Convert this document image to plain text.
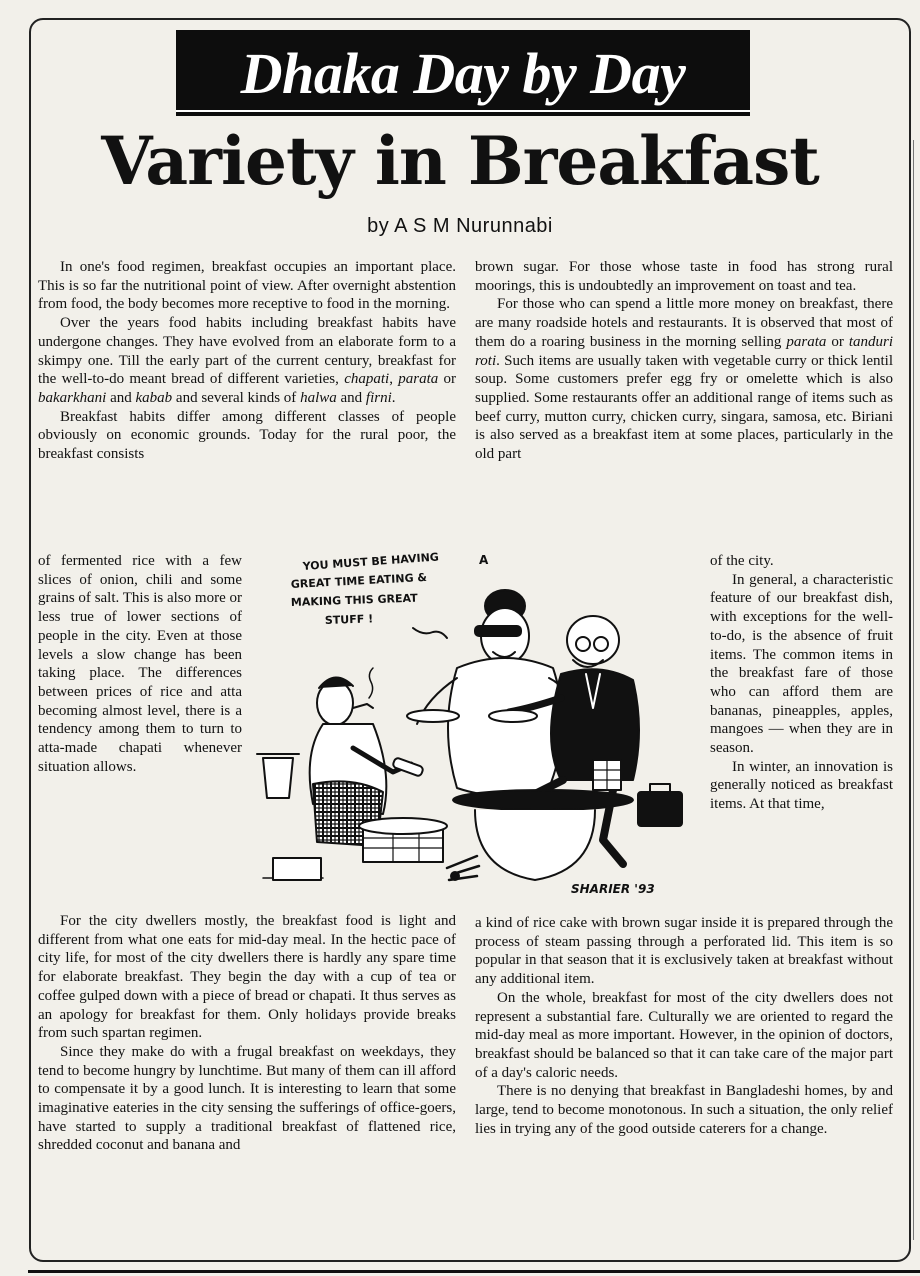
Dhaka Day by Day
Variety in Breakfast
by A S M Nurunnabi

In one's food regimen, breakfast occupies an important place. This is so far the nutritional point of view. After overnight abstention from food, the body becomes more receptive to food in the morning.

Over the years food habits including breakfast habits have undergone changes. They have evolved from an elaborate form to a skimpy one. Till the early part of the current century, breakfast for the well-to-do meant bread of different varieties, chapati, parata or bakarkhani and kabab and several kinds of halwa and firni.

Breakfast habits differ among different classes of people obviously on economic grounds. Today for the rural poor, the breakfast consists

of fermented rice with a few slices of onion, chili and some grains of salt. This is also more or less true of lower sections of people in the city. Even at those levels a slow change has been taking place. The differences between prices of rice and atta becoming almost level, there is a tendency among them to turn to atta-made chapati whenever situation allows.

For the city dwellers mostly, the breakfast food is light and different from what one eats for mid-day meal. In the hectic pace of city life, for most of the city dwellers there is hardly any spare time for elaborate breakfast. They begin the day with a cup of tea or coffee gulped down with a piece of bread or chapati. It thus serves as an apology for breakfast for them. Only holidays provide breaks from such spartan regimen.

Since they make do with a frugal breakfast on weekdays, they tend to become hungry by lunchtime. But many of them can ill afford to compensate it by a good lunch. It is interesting to learn that some imaginative eateries in the city sensing the sufferings of office-goers, have started to supply a traditional breakfast of flattened rice, shredded coconut and banana and

brown sugar. For those whose taste in food has strong rural moorings, this is undoubtedly an improvement on toast and tea.

For those who can spend a little more money on breakfast, there are many roadside hotels and restaurants. It is observed that most of them do a roaring business in the morning selling parata or tanduri roti. Such items are usually taken with vegetable curry or thick lentil soup. Some customers prefer egg fry or omelette which is also supplied. Some restaurants offer an additional range of items such as beef curry, mutton curry, chicken curry, singara, samosa, etc. Biriani is also served as a breakfast item at some places, particularly in the old part

of the city.

In general, a characteristic feature of our breakfast dish, with exceptions for the well-to-do, is the absence of fruit items. The common items in the breakfast fare of those who can afford them are bananas, pineapples, apples, mangoes — when they are in season.

In winter, an innovation is generally noticed as breakfast items. At that time,

a kind of rice cake with brown sugar inside it is prepared through the process of steam passing through a perforated lid. This item is so popular in that season that it is exclusively taken at breakfast without any additional item.

On the whole, breakfast for most of the city dwellers does not represent a substantial fare. Culturally we are oriented to regard the mid-day meal as more important. However, in the opinion of doctors, breakfast should be balanced so that it can take care of the major part of a day's caloric needs.

There is no denying that breakfast in Bangladeshi homes, by and large, tend to become monotonous. In such a situation, the only relief lies in trying any of the good outside caterers for a change.

YOU MUST BE HAVING
GREAT TIME EATING &
MAKING THIS GREAT
STUFF !
A
SHARIER '93
